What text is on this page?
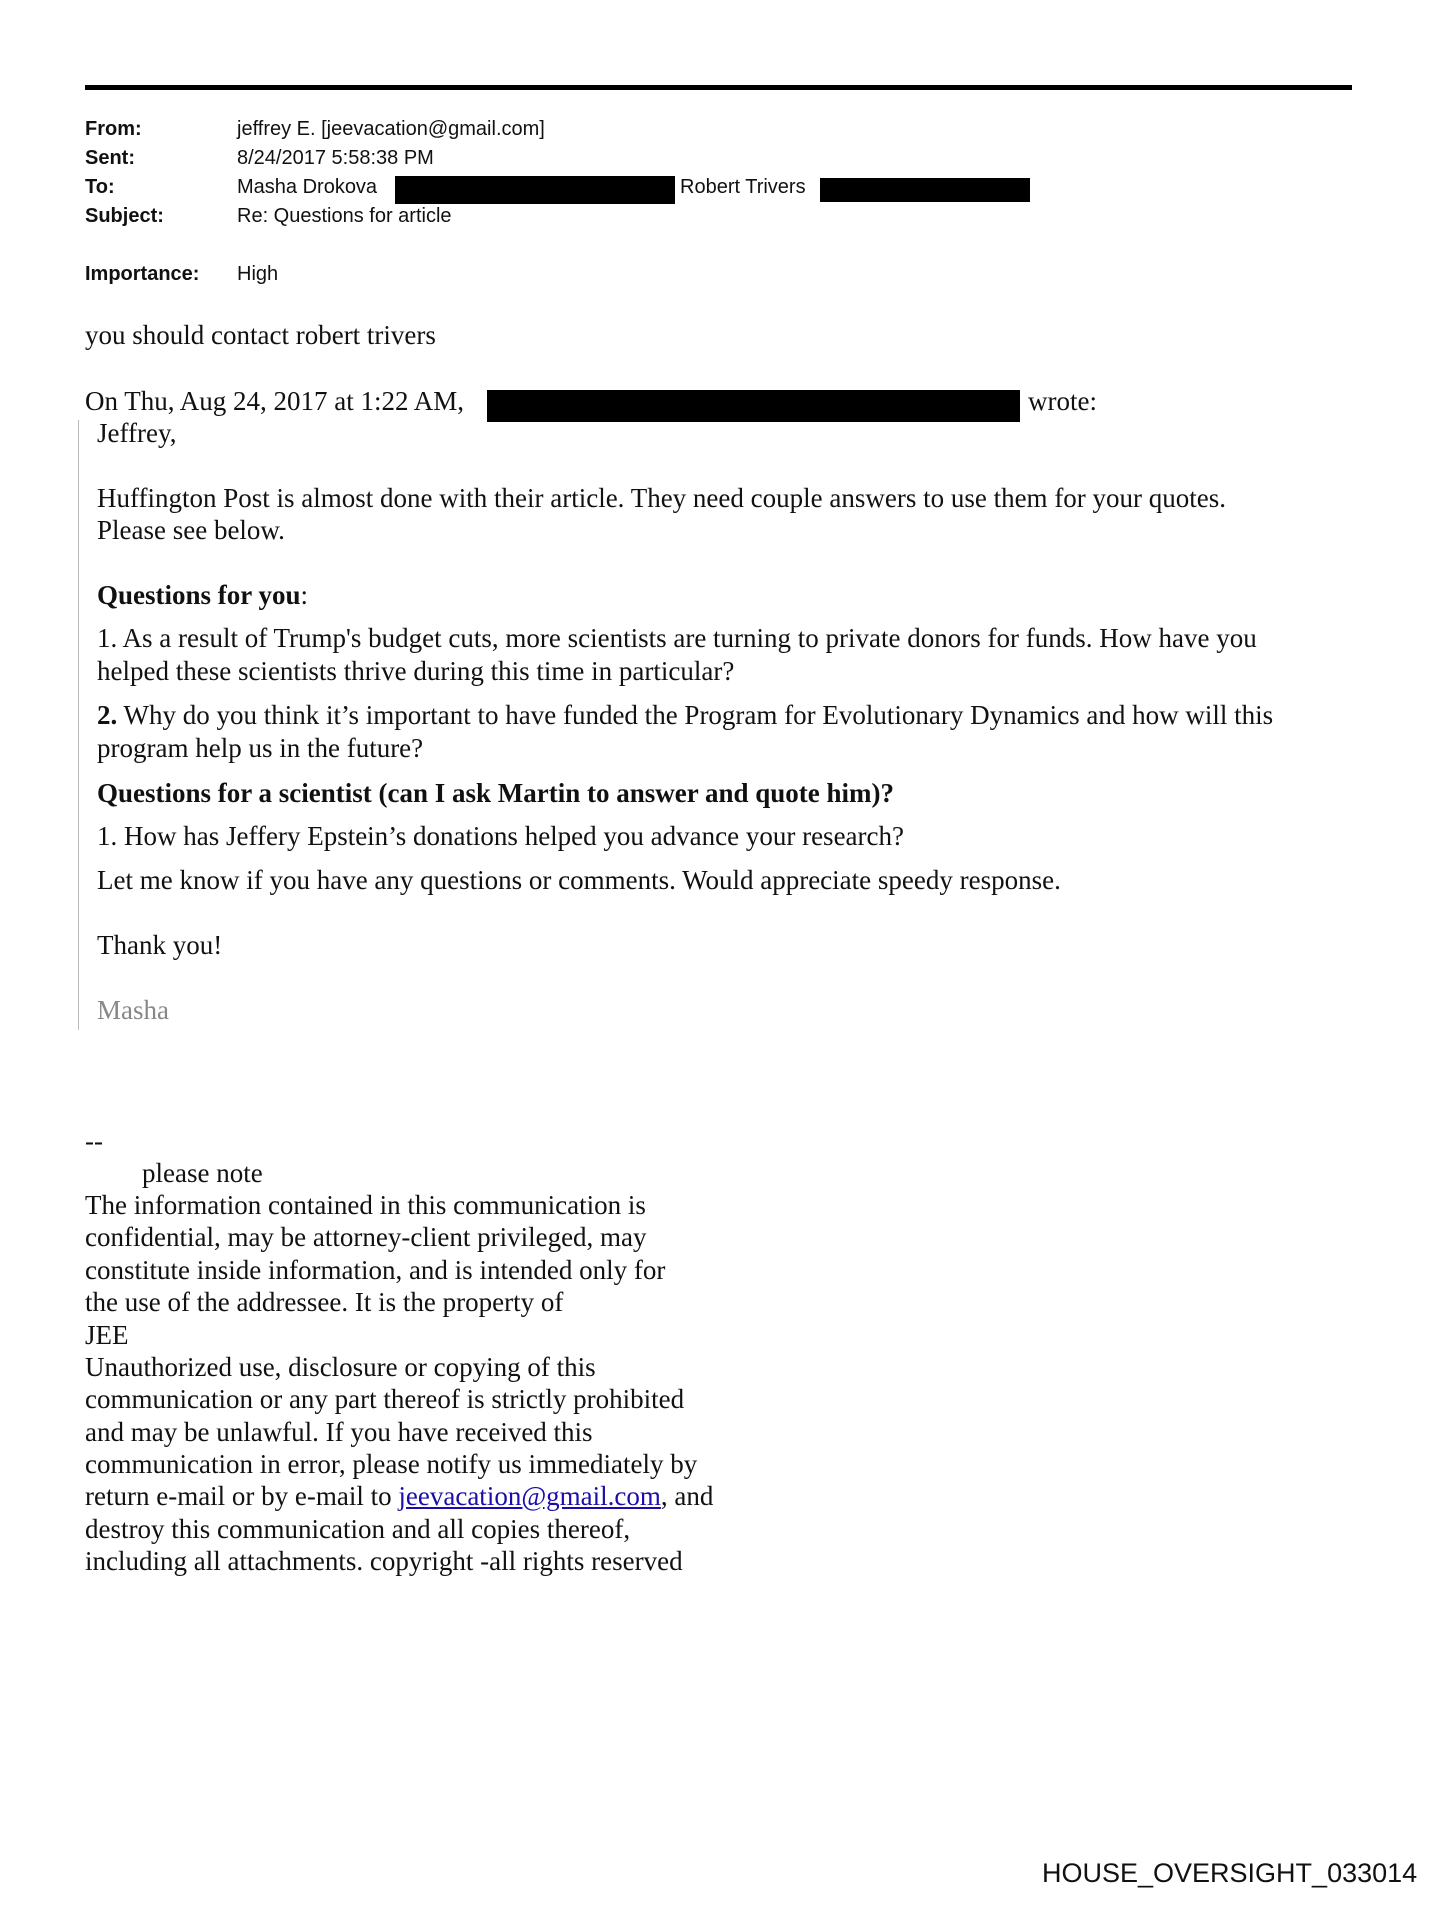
From:	jeffrey E. [jeevacation@gmail.com]
Sent:	8/24/2017 5:58:38 PM
To:	Masha Drokova	Robert Trivers
Subject:	Re: Questions for article
Importance: High
you should contact robert trivers
On Thu, Aug 24, 2017 at 1:22 AM,	wrote:
Jeffrey,
Huffington Post is almost done with their article. They need couple answers to use them for your quotes.
Please see below.
Questions for you:
1. As a result of Trump's budget cuts, more scientists are turning to private donors for funds. How have you
helped these scientists thrive during this time in particular?
2. Why do you think it’s important to have funded the Program for Evolutionary Dynamics and how will this
program help us in the future?
Questions for a scientist (can I ask Martin to answer and quote him)?
1. How has Jeffery Epstein’s donations helped you advance your research?
Let me know if you have any questions or comments. Would appreciate speedy response.
Thank you!
Masha
--
please note
The information contained in this communication is
confidential, may be attorney-client privileged, may
constitute inside information, and is intended only for
the use of the addressee. It is the property of
JEE
Unauthorized use, disclosure or copying of this
communication or any part thereof is strictly prohibited
and may be unlawful. If you have received this
communication in error, please notify us immediately by
return e-mail or by e-mail to jeevacation@gmail.com, and
destroy this communication and all copies thereof,
including all attachments. copyright -all rights reserved
HOUSE_OVERSIGHT_033014
